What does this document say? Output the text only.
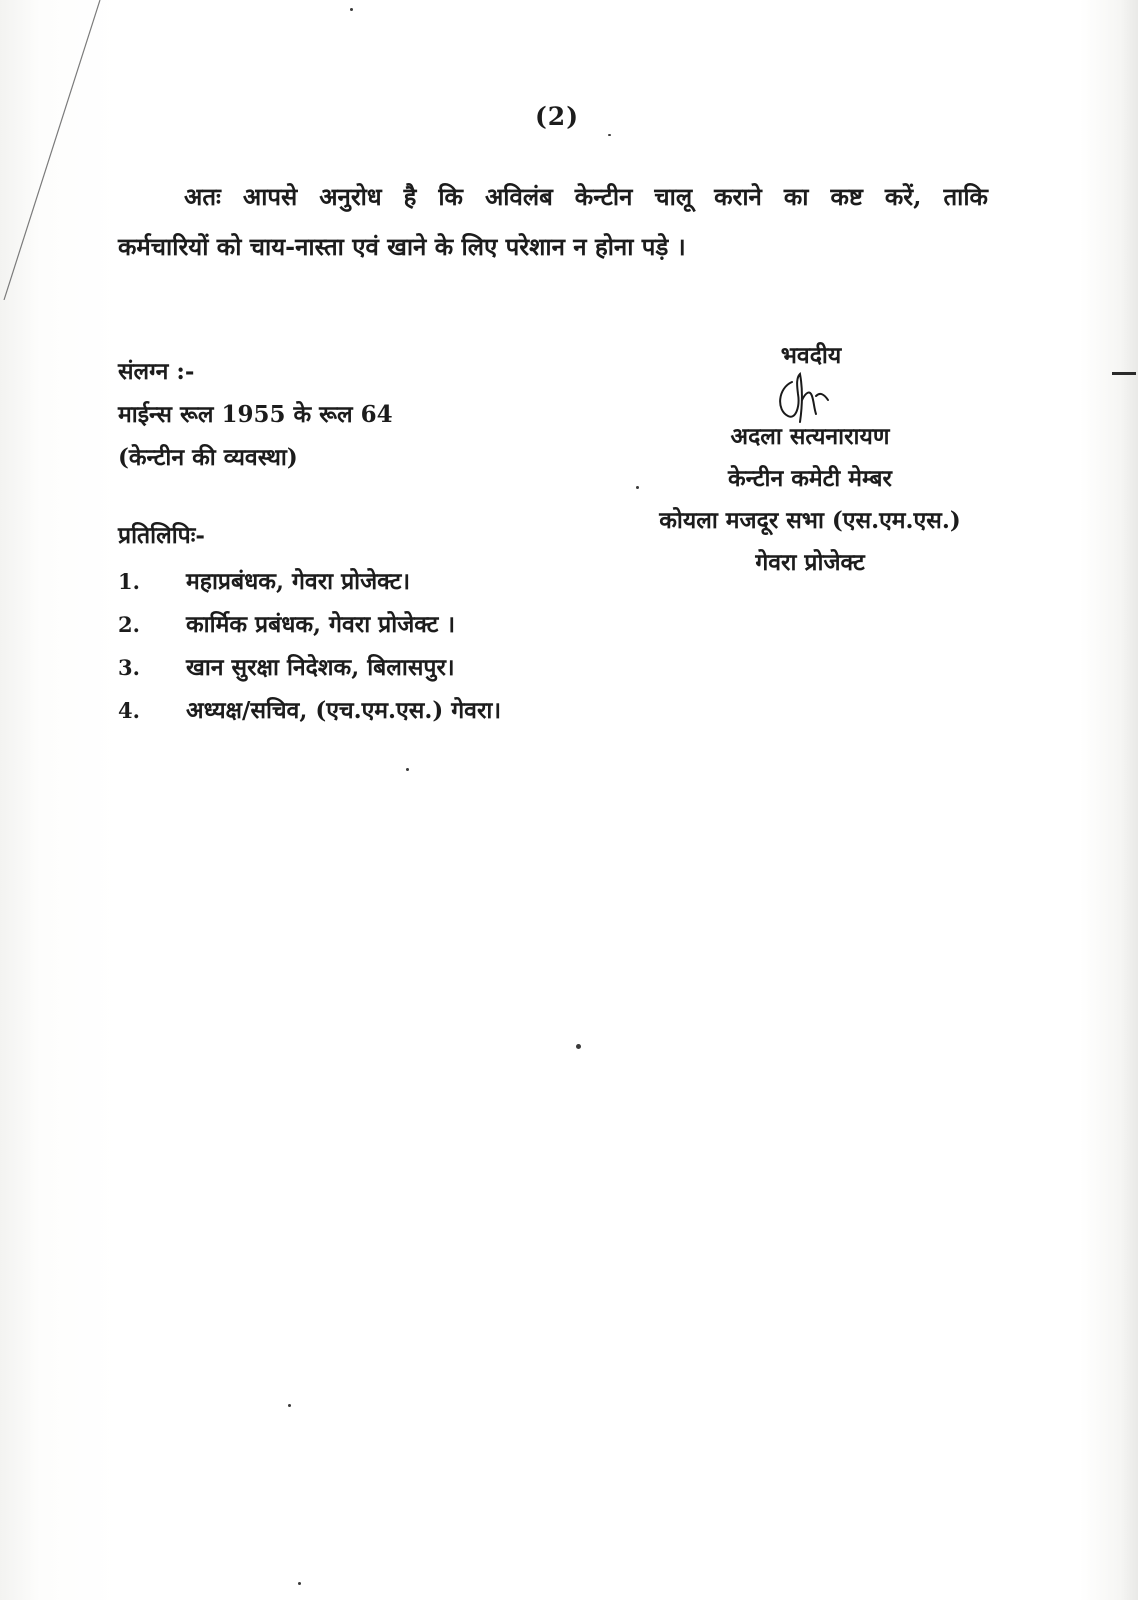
(2)
अतः आपसे अनुरोध है कि अविलंब केन्टीन चालू कराने का कष्ट करें, ताकि
कर्मचारियों को चाय-नास्ता एवं खाने के लिए परेशान न होना पड़े ।
संलग्न :-
माईन्स रूल 1955 के रूल 64
(केन्टीन की व्यवस्था)
प्रतिलिपिः-
1. महाप्रबंधक, गेवरा प्रोजेक्ट।
2. कार्मिक प्रबंधक, गेवरा प्रोजेक्ट ।
3. खान सुरक्षा निदेशक, बिलासपुर।
4. अध्यक्ष/सचिव, (एच.एम.एस.) गेवरा।
भवदीय
अदला सत्यनारायण
केन्टीन कमेटी मेम्बर
कोयला मजदूर सभा (एस.एम.एस.)
गेवरा प्रोजेक्ट
